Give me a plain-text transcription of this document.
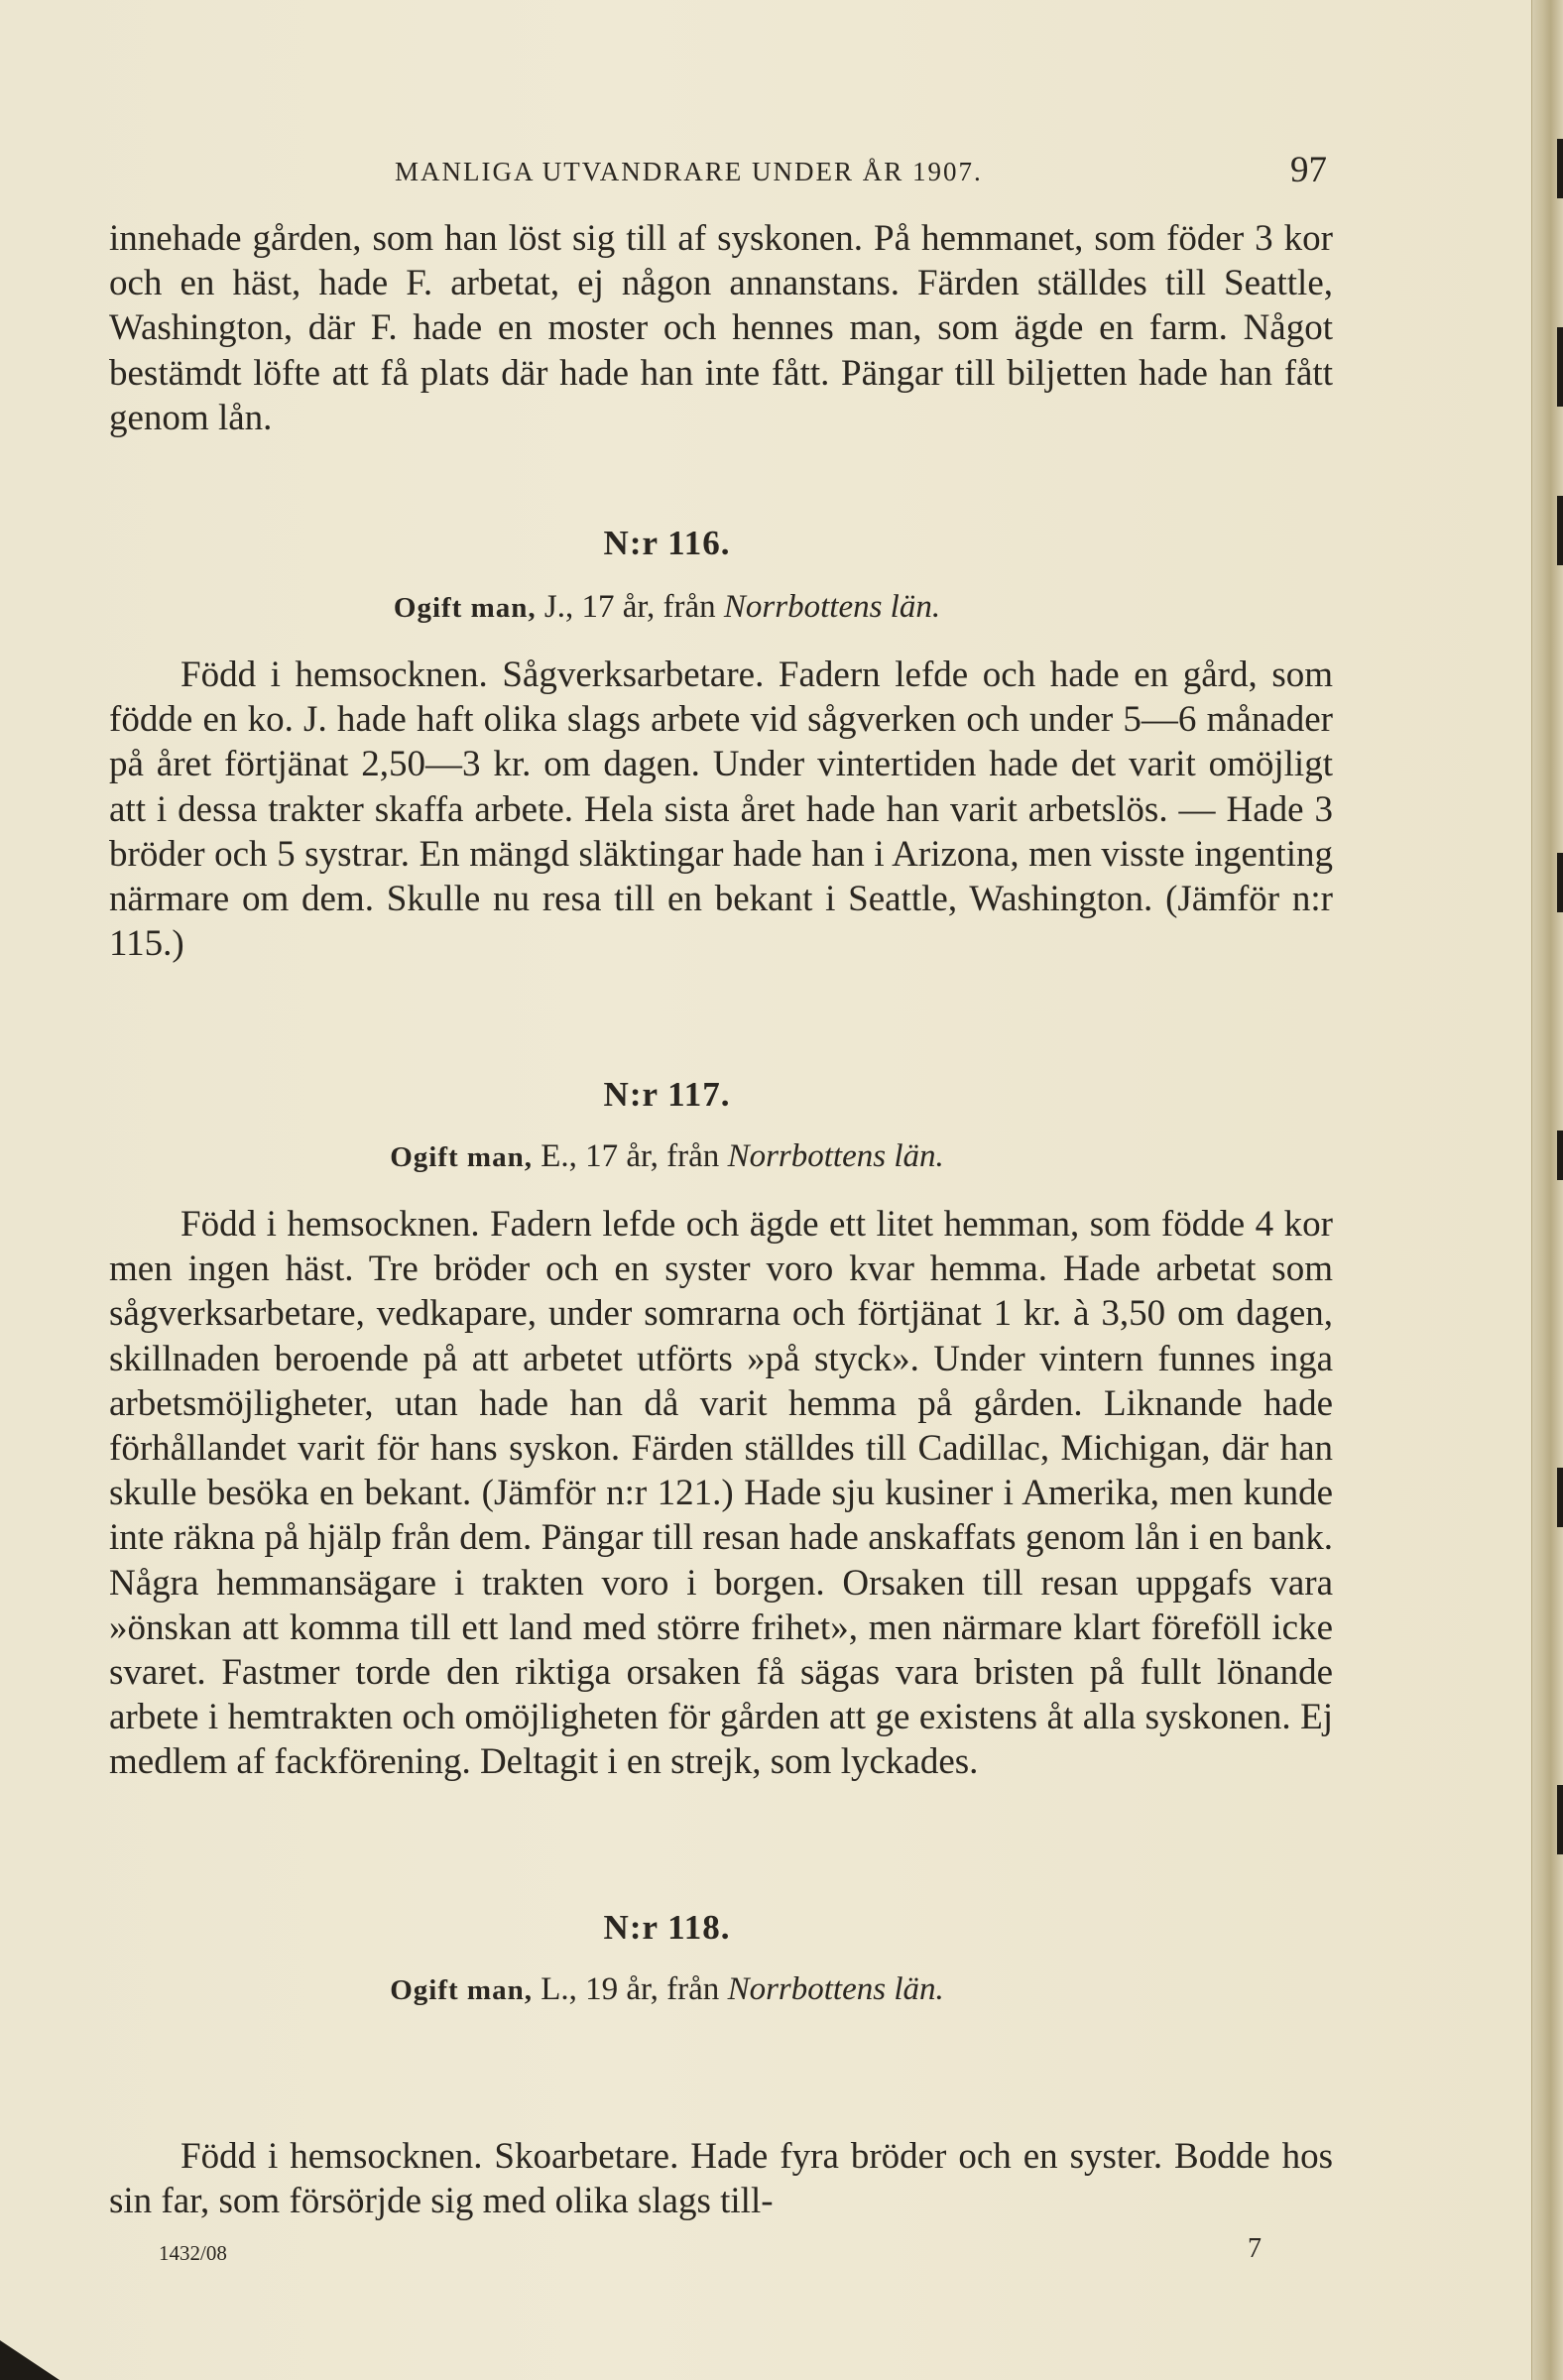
MANLIGA UTVANDRARE UNDER ÅR 1907.	97

innehade gården, som han löst sig till af syskonen. På hemmanet, som föder 3 kor och en häst, hade F. arbetat, ej någon annanstans. Färden ställdes till Seattle, Washington, där F. hade en moster och hennes man, som ägde en farm. Något bestämdt löfte att få plats där hade han inte fått. Pängar till biljetten hade han fått genom lån.

N:r 116.
Ogift man, J., 17 år, från Norrbottens län.

Född i hemsocknen. Sågverksarbetare. Fadern lefde och hade en gård, som födde en ko. J. hade haft olika slags arbete vid sågverken och under 5—6 månader på året förtjänat 2,50—3 kr. om dagen. Under vintertiden hade det varit omöjligt att i dessa trakter skaffa arbete. Hela sista året hade han varit arbetslös. — Hade 3 bröder och 5 systrar. En mängd släktingar hade han i Arizona, men visste ingenting närmare om dem. Skulle nu resa till en bekant i Seattle, Washington. (Jämför n:r 115.)

N:r 117.
Ogift man, E., 17 år, från Norrbottens län.

Född i hemsocknen. Fadern lefde och ägde ett litet hemman, som födde 4 kor men ingen häst. Tre bröder och en syster voro kvar hemma. Hade arbetat som sågverksarbetare, vedkapare, under somrarna och förtjänat 1 kr. à 3,50 om dagen, skillnaden beroende på att arbetet utförts »på styck». Under vintern funnes inga arbetsmöjligheter, utan hade han då varit hemma på gården. Liknande hade förhållandet varit för hans syskon. Färden ställdes till Cadillac, Michigan, där han skulle besöka en bekant. (Jämför n:r 121.) Hade sju kusiner i Amerika, men kunde inte räkna på hjälp från dem. Pängar till resan hade anskaffats genom lån i en bank. Några hemmansägare i trakten voro i borgen. Orsaken till resan uppgafs vara »önskan att komma till ett land med större frihet», men närmare klart föreföll icke svaret. Fastmer torde den riktiga orsaken få sägas vara bristen på fullt lönande arbete i hemtrakten och omöjligheten för gården att ge existens åt alla syskonen. Ej medlem af fackförening. Deltagit i en strejk, som lyckades.

N:r 118.
Ogift man, L., 19 år, från Norrbottens län.

Född i hemsocknen. Skoarbetare. Hade fyra bröder och en syster. Bodde hos sin far, som försörjde sig med olika slags till-

1432/08	7
